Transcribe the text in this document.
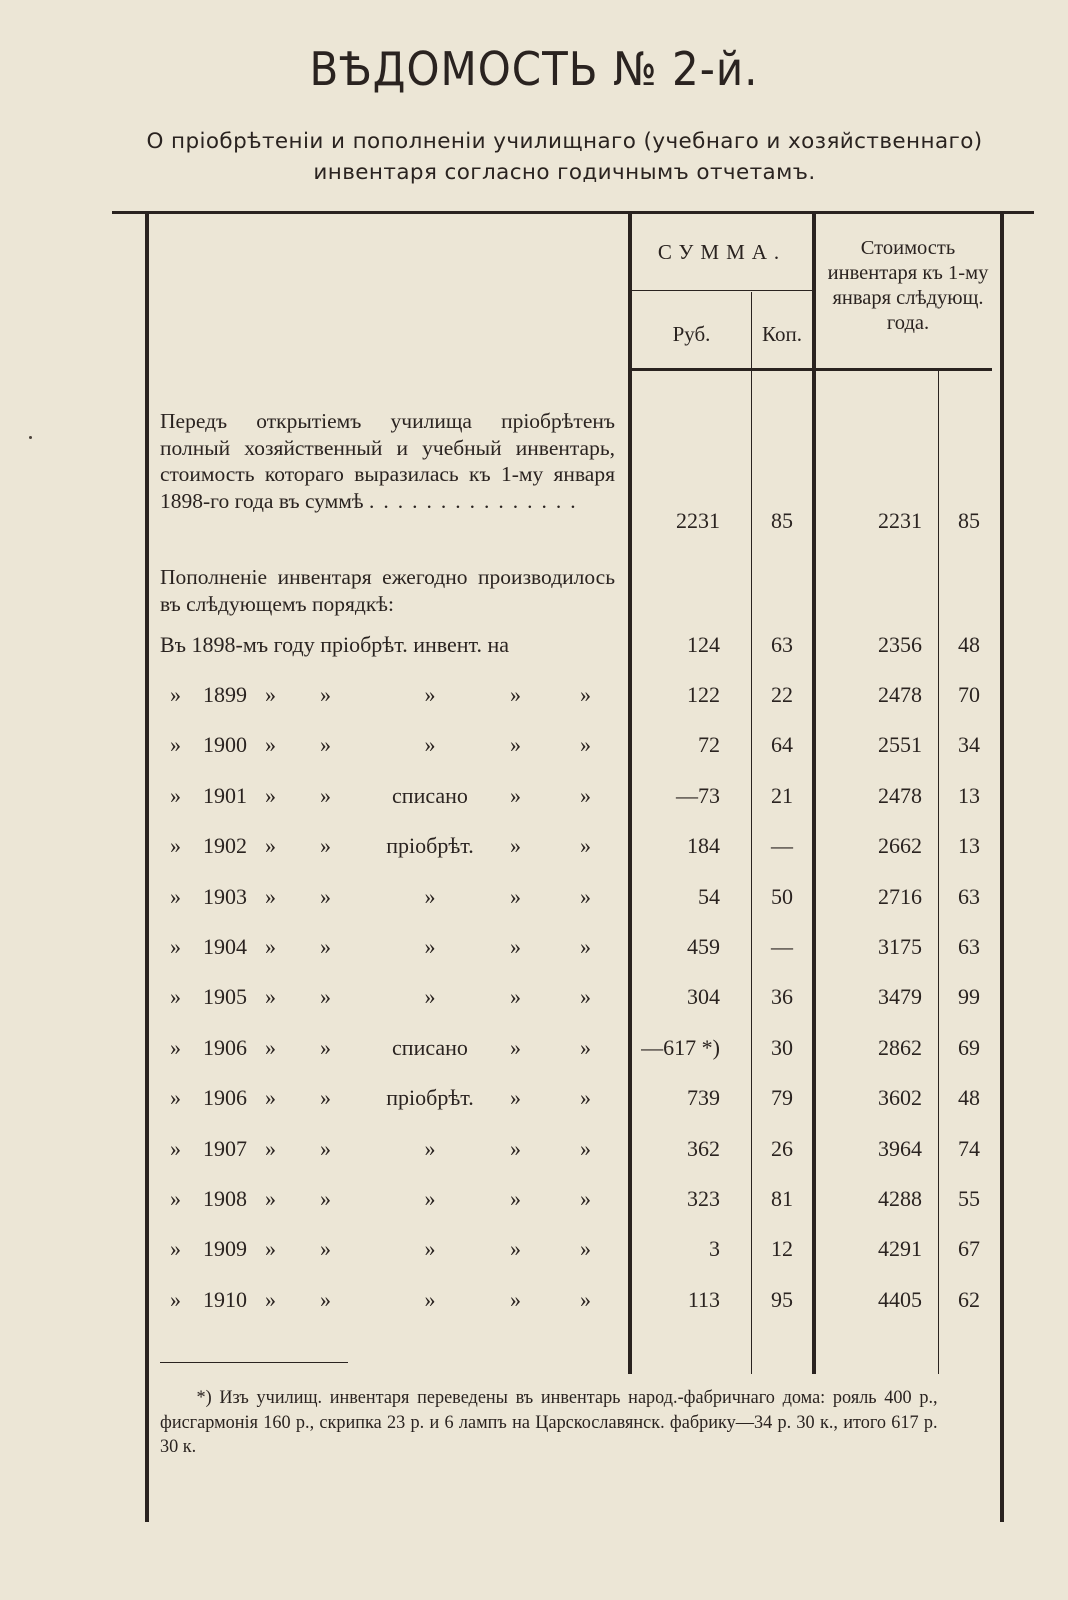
ВѢДОМОСТЬ № 2-й.
О пріобрѣтеніи и пополненіи училищнаго (учебнаго и хозяйственнаго) инвентаря согласно годичнымъ отчетамъ.
СУММА.
Руб.	Коп.
Стоимость инвентаря къ 1-му января слѣдующ. года.
Передъ открытіемъ училища пріобрѣтенъ полный хозяйственный и учебный инвентарь, стоимость котораго выразилась къ 1-му января 1898-го года въ суммѣ ...............
2231	85	2231	85
Пополненіе инвентаря ежегодно производилось въ слѣдующемъ порядкѣ:
Въ 1898-мъ году пріобрѣт. инвент. на	124	63	2356	48
» 1899 » »	»	»	»	122	22	2478	70
» 1900 » »	»	»	»	72	64	2551	34
» 1901 » »	списано	»	»	—73	21	2478	13
» 1902 » »	пріобрѣт.	»	»	184	—	2662	13
» 1903 » »	»	»	»	54	50	2716	63
» 1904 » »	»	»	»	459	—	3175	63
» 1905 » »	»	»	»	304	36	3479	99
» 1906 » »	списано	»	»	—617 *)	30	2862	69
» 1906 » »	пріобрѣт.	»	»	739	79	3602	48
» 1907 » »	»	»	»	362	26	3964	74
» 1908 » »	»	»	»	323	81	4288	55
» 1909 » »	»	»	»	3	12	4291	67
» 1910 » »	»	»	»	113	95	4405	62
*) Изъ училищ. инвентаря переведены въ инвентарь народ.-фабричнаго дома: рояль 400 р., фисгармонія 160 р., скрипка 23 р. и 6 лампъ на Царскославянск. фабрику—34 р. 30 к., итого 617 р. 30 к.
